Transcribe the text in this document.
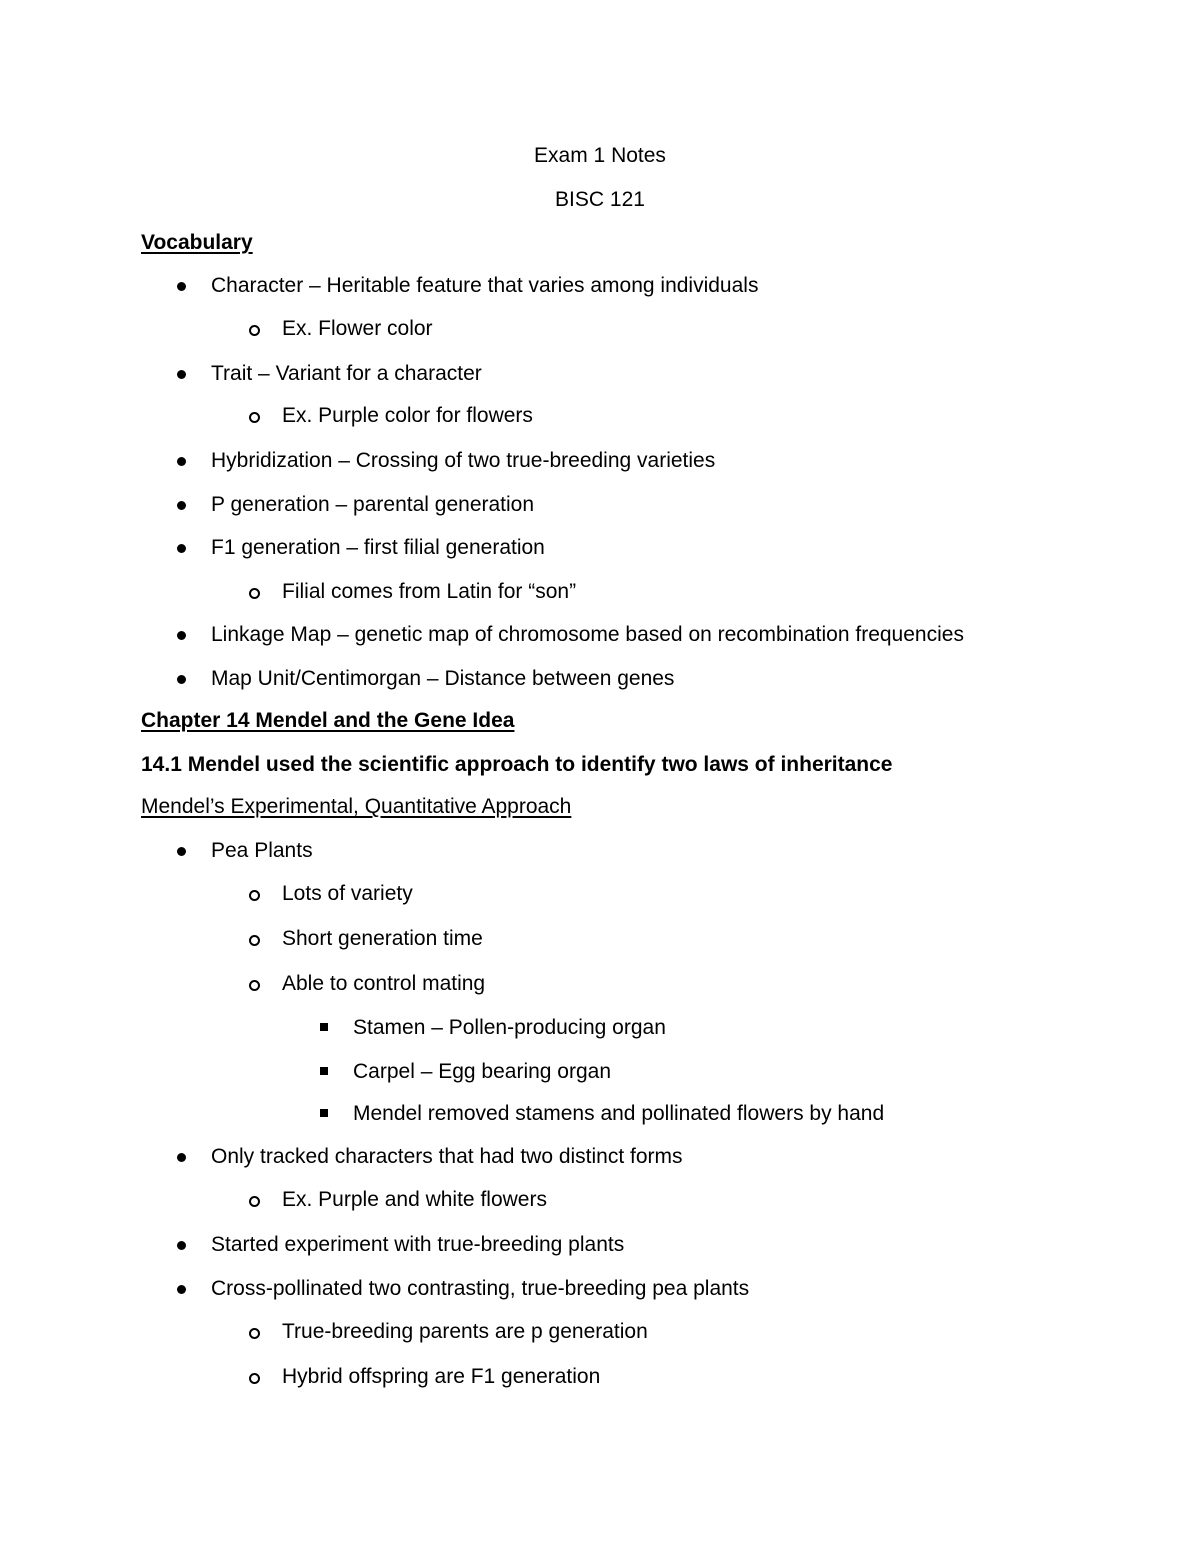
Exam 1 Notes
BISC 121
Vocabulary
Character – Heritable feature that varies among individuals
Ex. Flower color
Trait – Variant for a character
Ex. Purple color for flowers
Hybridization – Crossing of two true-breeding varieties
P generation – parental generation
F1 generation – first filial generation
Filial comes from Latin for “son”
Linkage Map – genetic map of chromosome based on recombination frequencies
Map Unit/Centimorgan – Distance between genes
Chapter 14 Mendel and the Gene Idea
14.1 Mendel used the scientific approach to identify two laws of inheritance
Mendel’s Experimental, Quantitative Approach
Pea Plants
Lots of variety
Short generation time
Able to control mating
Stamen – Pollen-producing organ
Carpel – Egg bearing organ
Mendel removed stamens and pollinated flowers by hand
Only tracked characters that had two distinct forms
Ex. Purple and white flowers
Started experiment with true-breeding plants
Cross-pollinated two contrasting, true-breeding pea plants
True-breeding parents are p generation
Hybrid offspring are F1 generation
